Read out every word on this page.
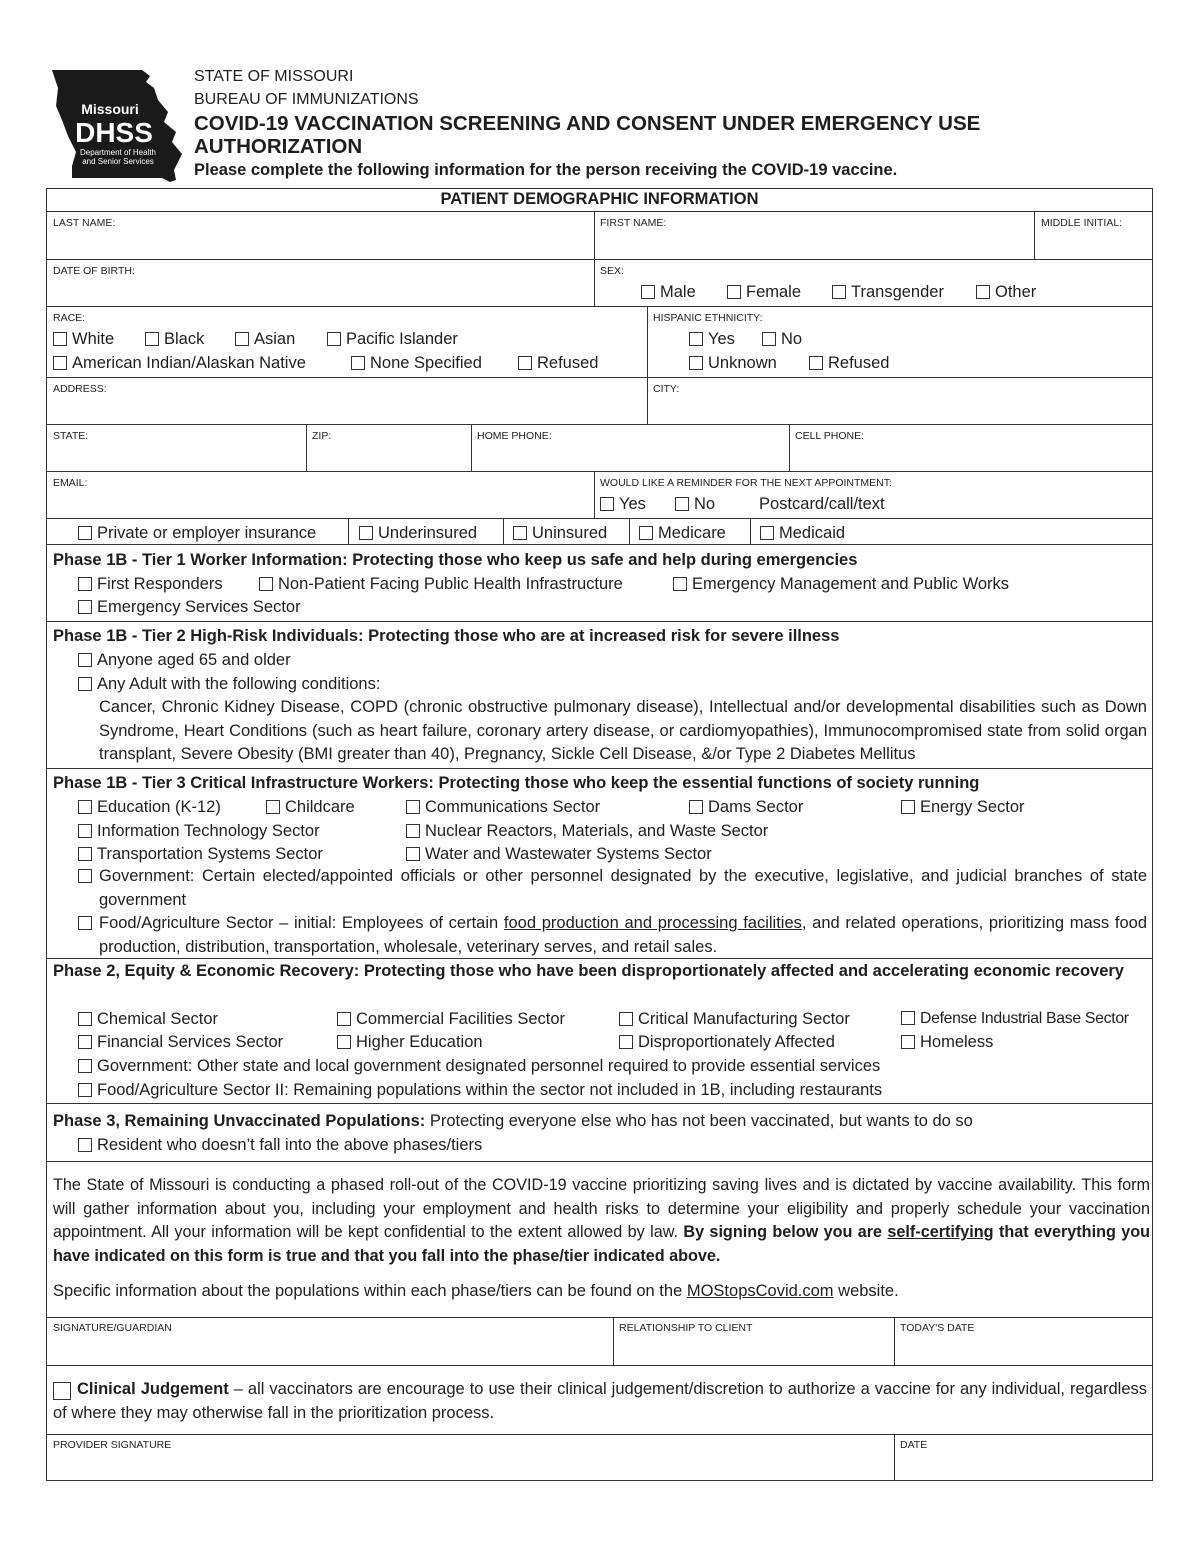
Missouri
DHSS
Department of Health
and Senior Services
STATE OF MISSOURI
BUREAU OF IMMUNIZATIONS
COVID-19 VACCINATION SCREENING AND CONSENT UNDER EMERGENCY USE
AUTHORIZATION
Please complete the following information for the person receiving the COVID-19 vaccine.
PATIENT DEMOGRAPHIC INFORMATION
LAST NAME:	FIRST NAME:	MIDDLE INITIAL:
DATE OF BIRTH:	SEX:
Male	Female	Transgender	Other
RACE:
White	Black	Asian	Pacific Islander
American Indian/Alaskan Native	None Specified	Refused
HISPANIC ETHNICITY:
Yes	No
Unknown	Refused
ADDRESS:	CITY:
STATE:	ZIP:	HOME PHONE:	CELL PHONE:
EMAIL:	WOULD LIKE A REMINDER FOR THE NEXT APPOINTMENT:
Yes	No	Postcard/call/text
Private or employer insurance	Underinsured	Uninsured	Medicare	Medicaid
Phase 1B - Tier 1 Worker Information: Protecting those who keep us safe and help during emergencies
First Responders	Non-Patient Facing Public Health Infrastructure	Emergency Management and Public Works
Emergency Services Sector
Phase 1B - Tier 2 High-Risk Individuals: Protecting those who are at increased risk for severe illness
Anyone aged 65 and older
Any Adult with the following conditions:
Cancer, Chronic Kidney Disease, COPD (chronic obstructive pulmonary disease), Intellectual and/or developmental disabilities such as Down Syndrome, Heart Conditions (such as heart failure, coronary artery disease, or cardiomyopathies), Immunocompromised state from solid organ transplant, Severe Obesity (BMI greater than 40), Pregnancy, Sickle Cell Disease, &/or Type 2 Diabetes Mellitus
Phase 1B - Tier 3 Critical Infrastructure Workers: Protecting those who keep the essential functions of society running
Education (K-12)	Childcare	Communications Sector	Dams Sector	Energy Sector
Information Technology Sector	Nuclear Reactors, Materials, and Waste Sector
Transportation Systems Sector	Water and Wastewater Systems Sector
Government: Certain elected/appointed officials or other personnel designated by the executive, legislative, and judicial branches of state government
Food/Agriculture Sector – initial: Employees of certain food production and processing facilities, and related operations, prioritizing mass food production, distribution, transportation, wholesale, veterinary serves, and retail sales.
Phase 2, Equity & Economic Recovery: Protecting those who have been disproportionately affected and accelerating economic recovery
Chemical Sector	Commercial Facilities Sector	Critical Manufacturing Sector	Defense Industrial Base Sector
Financial Services Sector	Higher Education	Disproportionately Affected	Homeless
Government: Other state and local government designated personnel required to provide essential services
Food/Agriculture Sector II: Remaining populations within the sector not included in 1B, including restaurants
Phase 3, Remaining Unvaccinated Populations: Protecting everyone else who has not been vaccinated, but wants to do so
Resident who doesn’t fall into the above phases/tiers
The State of Missouri is conducting a phased roll-out of the COVID-19 vaccine prioritizing saving lives and is dictated by vaccine availability. This form will gather information about you, including your employment and health risks to determine your eligibility and properly schedule your vaccination appointment. All your information will be kept confidential to the extent allowed by law. By signing below you are self-certifying that everything you have indicated on this form is true and that you fall into the phase/tier indicated above.
Specific information about the populations within each phase/tiers can be found on the MOStopsCovid.com website.
SIGNATURE/GUARDIAN	RELATIONSHIP TO CLIENT	TODAY'S DATE
Clinical Judgement – all vaccinators are encourage to use their clinical judgement/discretion to authorize a vaccine for any individual, regardless of where they may otherwise fall in the prioritization process.
PROVIDER SIGNATURE	DATE
